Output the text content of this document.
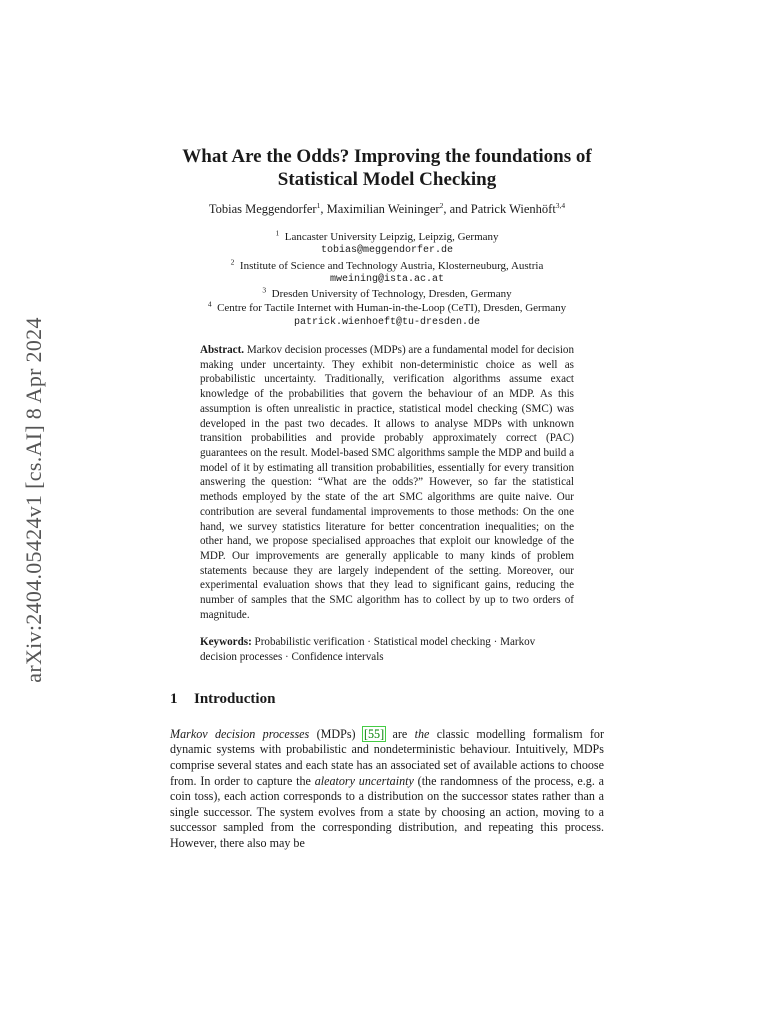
arXiv:2404.05424v1 [cs.AI] 8 Apr 2024
What Are the Odds? Improving the foundations of
Statistical Model Checking
Tobias Meggendorfer$^1$, Maximilian Weininger$^2$, and Patrick Wienhöft$^{3,4}$
$^1$ Lancaster University Leipzig, Leipzig, Germany
tobias@meggendorfer.de
$^2$ Institute of Science and Technology Austria, Klosterneuburg, Austria
mweining@ista.ac.at
$^3$ Dresden University of Technology, Dresden, Germany
$^4$ Centre for Tactile Internet with Human-in-the-Loop (CeTI), Dresden, Germany
patrick.wienhoeft@tu-dresden.de
Abstract. Markov decision processes (MDPs) are a fundamental model for decision making under uncertainty. They exhibit non-deterministic choice as well as probabilistic uncertainty. Traditionally, verification algorithms assume exact knowledge of the probabilities that govern the behaviour of an MDP. As this assumption is often unrealistic in practice, statistical model checking (SMC) was developed in the past two decades. It allows to analyse MDPs with unknown transition probabilities and provide probably approximately correct (PAC) guarantees on the result. Model-based SMC algorithms sample the MDP and build a model of it by estimating all transition probabilities, essentially for every transition answering the question: “What are the odds?” However, so far the statistical methods employed by the state of the art SMC algorithms are quite naive. Our contribution are several fundamental improvements to those methods: On the one hand, we survey statistics literature for better concentration inequalities; on the other hand, we propose specialised approaches that exploit our knowledge of the MDP. Our improvements are generally applicable to many kinds of problem statements because they are largely independent of the setting. Moreover, our experimental evaluation shows that they lead to significant gains, reducing the number of samples that the SMC algorithm has to collect by up to two orders of magnitude.
Keywords: Probabilistic verification · Statistical model checking · Markov decision processes · Confidence intervals
1 Introduction
Markov decision processes (MDPs) [55] are the classic modelling formalism for dynamic systems with probabilistic and nondeterministic behaviour. Intuitively, MDPs comprise several states and each state has an associated set of available actions to choose from. In order to capture the aleatory uncertainty (the randomness of the process, e.g. a coin toss), each action corresponds to a distribution on the successor states rather than a single successor. The system evolves from a state by choosing an action, moving to a successor sampled from the corresponding distribution, and repeating this process. However, there also may be
